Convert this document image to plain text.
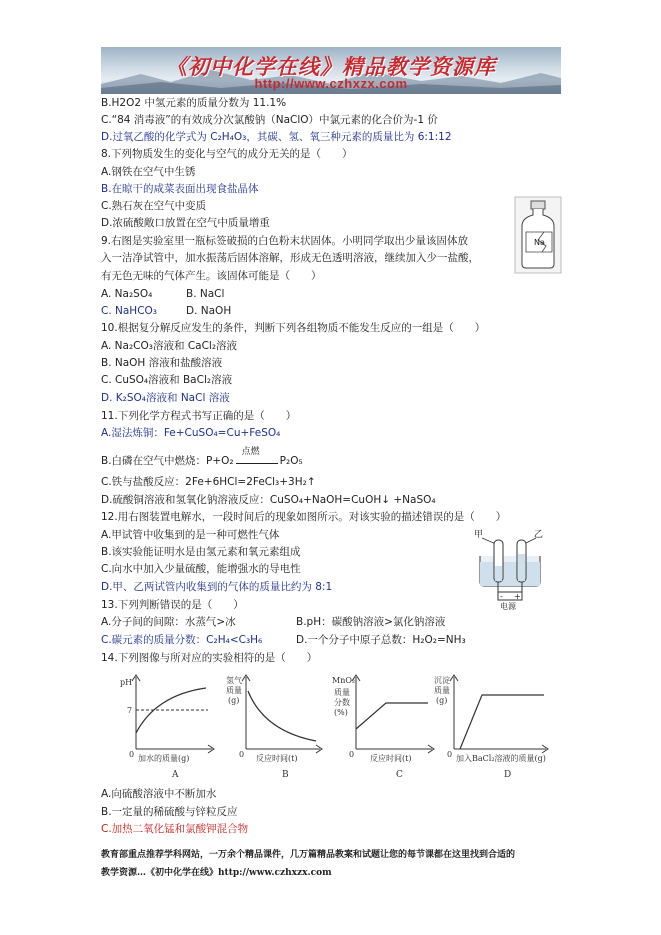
《初中化学在线》精品教学资源库
http://www.czhxzx.com
Na
甲	乙
- +
电源
pH
7
0 加水的质量(g)
A
氢气
质量
(g)
0 反应时间(t)
B
MnO₂
质量
分数
(%)
0 反应时间(t)
C
沉淀
质量
(g)
0 加入BaCl₂溶液的质量(g)
D
教育部重点推荐学科网站，一万余个精品课件，几万篇精品教案和试题让您的每节课都在这里找到合适的
教学资源…《初中化学在线》http://www.czhxzx.com
B.H2O2 中氢元素的质量分数为 11.1%
C.“84 消毒液”的有效成分次氯酸钠（NaClO）中氯元素的化合价为-1 价
D.过氧乙酸的化学式为 C₂H₄O₃，其碳、氢、氧三种元素的质量比为 6:1:12
8.下列物质发生的变化与空气的成分无关的是（　　）
A.钢铁在空气中生锈
B.在晾干的咸菜表面出现食盐晶体
C.熟石灰在空气中变质
D.浓硫酸敞口放置在空气中质量增重
9.右图是实验室里一瓶标签破损的白色粉末状固体。小明同学取出少量该固体放
入一洁净试管中，加水振荡后固体溶解，形成无色透明溶液，继续加入少一盐酸，
有无色无味的气体产生。该固体可能是（　　）
A. Na₂SO₄	B. NaCl
C. NaHCO₃	D. NaOH
10.根据复分解反应发生的条件，判断下列各组物质不能发生反应的一组是（　　）
A. Na₂CO₃溶液和 CaCl₂溶液
B. NaOH 溶液和盐酸溶液
C. CuSO₄溶液和 BaCl₂溶液
D. K₂SO₄溶液和 NaCl 溶液
11.下列化学方程式书写正确的是（　　）
A.湿法炼铜：Fe+CuSO₄=Cu+FeSO₄
B.白磷在空气中燃烧：P+O₂
点燃
P₂O₅
C.铁与盐酸反应：2Fe+6HCl=2FeCl₃+3H₂↑
D.硫酸铜溶液和氢氧化钠溶液反应：CuSO₄+NaOH=CuOH↓ +NaSO₄
12.用右图装置电解水，一段时间后的现象如图所示。对该实验的描述错误的是（　　）
A.甲试管中收集到的是一种可燃性气体
B.该实验能证明水是由氢元素和氧元素组成
C.向水中加入少量硫酸，能增强水的导电性
D.甲、乙两试管内收集到的气体的质量比约为 8:1
13.下列判断错误的是（　　）
A.分子间的间隙：水蒸气>冰	B.pH：碳酸钠溶液>氯化钠溶液
C.碳元素的质量分数：C₂H₄<C₃H₆	D.一个分子中原子总数：H₂O₂=NH₃
14.下列图像与所对应的实验相符的是（　　）
A.向硫酸溶液中不断加水
B.一定量的稀硫酸与锌粒反应
C.加热二氧化锰和氯酸钾混合物
